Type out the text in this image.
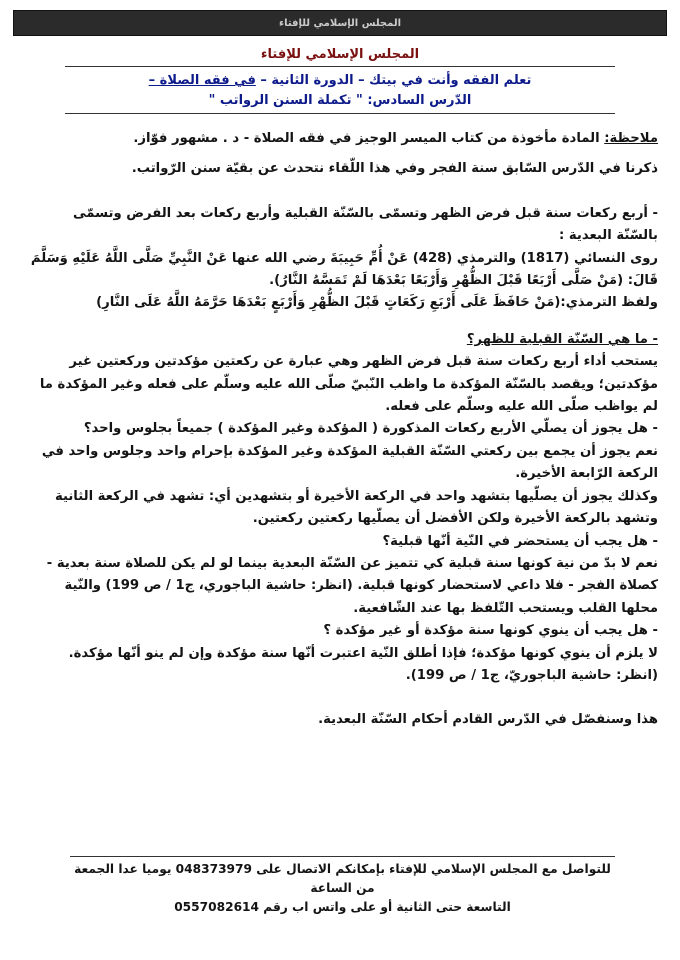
المجلس الإسلامي للإفتاء
المجلس الإسلامي للإفتاء
تعلم الفقه وأنت في بيتك – الدورة الثانية – في فقه الصلاة –
الدّرس السادس: " تكملة السنن الرواتب "

ملاحظة: المادة مأخوذة من كتاب الميسر الوجيز في فقه الصلاة - د . مشهور فوّاز.

ذكرنا في الدّرس السّابق سنة الفجر وفي هذا اللّقاء نتحدث عن بقيّة سنن الرّواتب.

- أربع ركعات سنة قبل فرض الظهر وتسمّى بالسّنّة القبلية وأربع ركعات بعد الفرض وتسمّى بالسّنّة البعدية :

روى النسائي (1817) والترمذي (428) عَنْ أُمِّ حَبِيبَةَ رضي الله عنها عَنْ النَّبِيِّ صَلَّى اللَّهُ عَلَيْهِ وَسَلَّمَ قَالَ: (مَنْ صَلَّى أَرْبَعًا قَبْلَ الظُّهْرِ وَأَرْبَعًا بَعْدَهَا لَمْ تَمَسَّهُ النَّارُ).

ولفظ الترمذي:(مَنْ حَافَظَ عَلَى أَرْبَعِ رَكَعَاتٍ قَبْلَ الظُّهْرِ وَأَرْبَعٍ بَعْدَهَا حَرَّمَهُ اللَّهُ عَلَى النَّارِ)

- ما هي السّنّة القبلية للظهر؟

يستحب أداء أربع ركعات سنة قبل فرض الظهر وهي عبارة عن ركعتين مؤكدتين وركعتين غير مؤكدتين؛ ويقصد بالسّنّة المؤكدة ما واظب النّبيّ صلّى الله عليه وسلّم على فعله وغير المؤكدة ما لم يواظب صلّى الله عليه وسلّم على فعله.

- هل يجوز أن يصلّي الأربع ركعات المذكورة ( المؤكدة وغير المؤكدة ) جميعاً بجلوس واحد؟

نعم يجوز أن يجمع بين ركعتي السّنّة القبلية المؤكدة وغير المؤكدة بإحرام واحد وجلوس واحد في الركعة الرّابعة الأخيرة.

وكذلك يجوز أن يصلّيها بتشهد واحد في الركعة الأخيرة أو بتشهدين أي: تشهد في الركعة الثانية وتشهد بالركعة الأخيرة ولكن الأفضل أن يصلّيها ركعتين ركعتين.

- هل يجب أن يستحضر في النّية أنّها قبلية؟

نعم لا بدّ من نية كونها سنة قبلية كي تتميز عن السّنّة البعدية بينما لو لم يكن للصلاة سنة بعدية - كصلاة الفجر - فلا داعي لاستحضار كونها قبلية. (انظر: حاشية الباجوري، ج1 / ص 199) والنّية محلها القلب ويستحب التّلفظ بها عند الشّافعية.

- هل يجب أن ينوي كونها سنة مؤكدة أو غير مؤكدة ؟

لا يلزم أن ينوي كونها مؤكدة؛ فإذا أطلق النّية اعتبرت أنّها سنة مؤكدة وإن لم ينو أنّها مؤكدة. (انظر: حاشية الباجوريّ، ج1 / ص 199).

هذا وسنفصّل في الدّرس القادم أحكام السّنّة البعدية.

للتواصل مع المجلس الإسلامي للإفتاء بإمكانكم الاتصال على 048373979 يوميا عدا الجمعة من الساعة
التاسعة حتى الثانية أو على واتس اب رقم 0557082614
